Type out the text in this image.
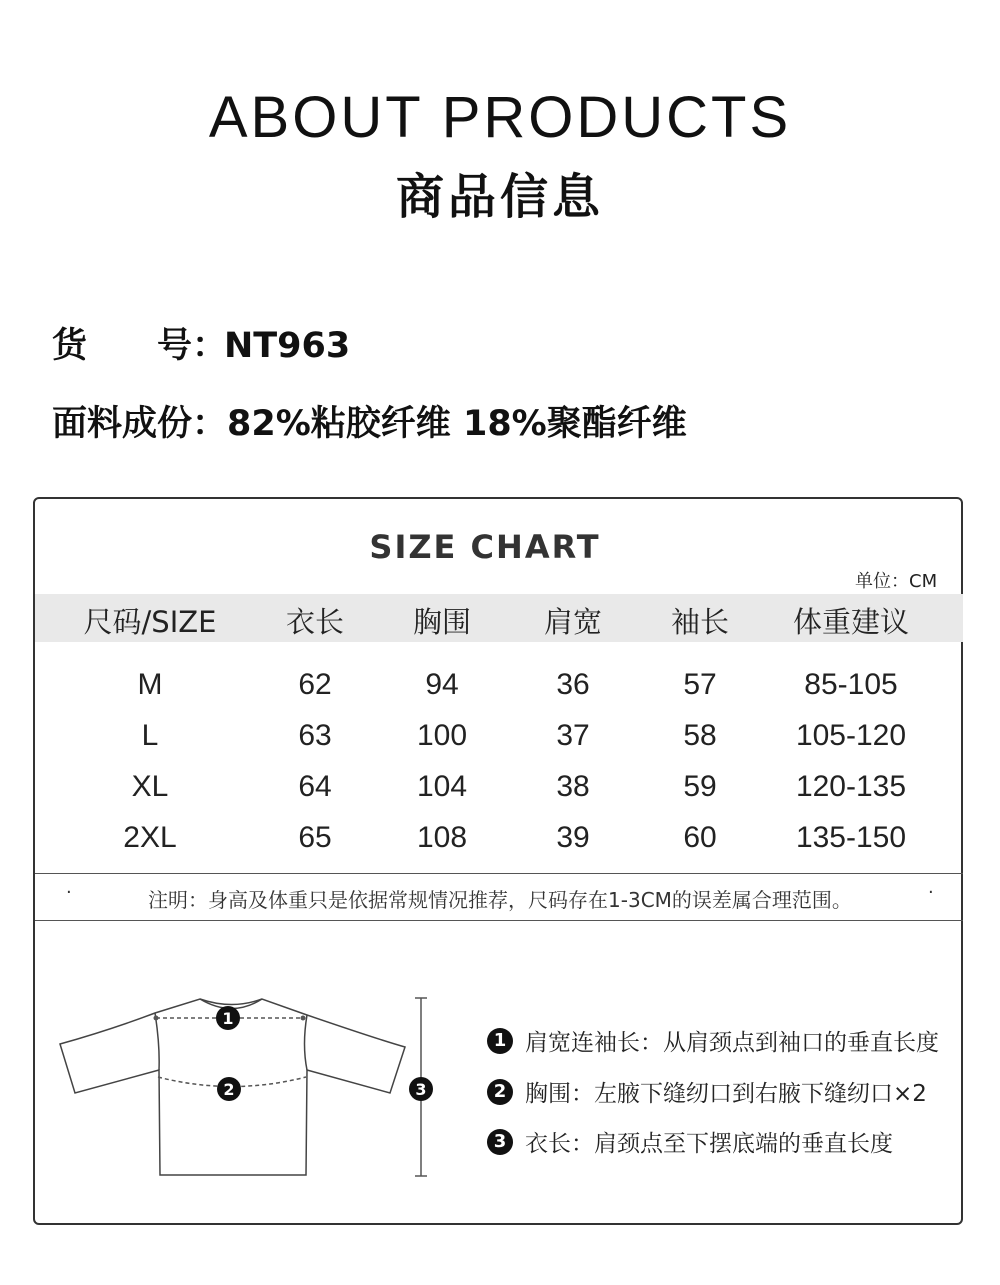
ABOUT PRODUCTS
商品信息
货　　号：NT963
面料成份：82%粘胶纤维 18%聚酯纤维
SIZE CHART
单位：CM
尺码/SIZE	衣长	胸围	肩宽	袖长	体重建议
M	62	94	36	57	85-105
L	63	100	37	58	105-120
XL	64	104	38	59	120-135
2XL	65	108	39	60	135-150
·	注明：身高及体重只是依据常规情况推荐，尺码存在1-3CM的误差属合理范围。	·
1
2	3
1 肩宽连袖长：从肩颈点到袖口的垂直长度
2 胸围：左腋下缝纫口到右腋下缝纫口×2
3 衣长：肩颈点至下摆底端的垂直长度
